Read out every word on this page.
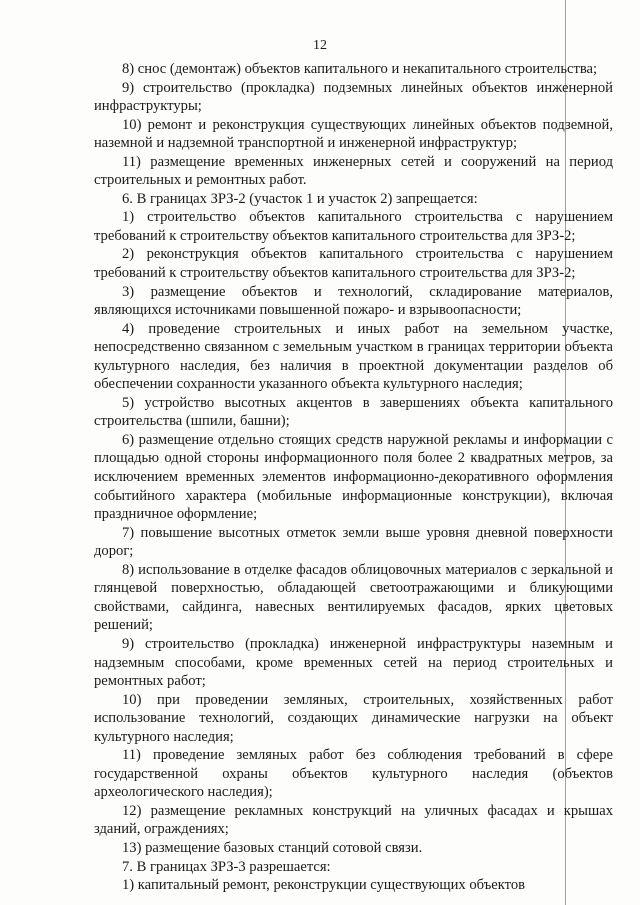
12

8) снос (демонтаж) объектов капитального и некапитального строительства;

9) строительство (прокладка) подземных линейных объектов инженерной инфраструктуры;

10) ремонт и реконструкция существующих линейных объектов подземной, наземной и надземной транспортной и инженерной инфраструктур;

11) размещение временных инженерных сетей и сооружений на период строительных и ремонтных работ.

6. В границах ЗРЗ-2 (участок 1 и участок 2) запрещается:

1) строительство объектов капитального строительства с нарушением требований к строительству объектов капитального строительства для ЗРЗ-2;

2) реконструкция объектов капитального строительства с нарушением требований к строительству объектов капитального строительства для ЗРЗ-2;

3) размещение объектов и технологий, складирование материалов, являющихся источниками повышенной пожаро- и взрывоопасности;

4) проведение строительных и иных работ на земельном участке, непосредственно связанном с земельным участком в границах территории объекта культурного наследия, без наличия в проектной документации разделов об обеспечении сохранности указанного объекта культурного наследия;

5) устройство высотных акцентов в завершениях объекта капитального строительства (шпили, башни);

6) размещение отдельно стоящих средств наружной рекламы и информации с площадью одной стороны информационного поля более 2 квадратных метров, за исключением временных элементов информационно-декоративного оформления событийного характера (мобильные информационные конструкции), включая праздничное оформление;

7) повышение высотных отметок земли выше уровня дневной поверхности дорог;

8) использование в отделке фасадов облицовочных материалов с зеркальной и глянцевой поверхностью, обладающей светоотражающими и бликующими свойствами, сайдинга, навесных вентилируемых фасадов, ярких цветовых решений;

9) строительство (прокладка) инженерной инфраструктуры наземным и надземным способами, кроме временных сетей на период строительных и ремонтных работ;

10) при проведении земляных, строительных, хозяйственных работ использование технологий, создающих динамические нагрузки на объект культурного наследия;

11) проведение земляных работ без соблюдения требований в сфере государственной охраны объектов культурного наследия (объектов археологического наследия);

12) размещение рекламных конструкций на уличных фасадах и крышах зданий, ограждениях;

13) размещение базовых станций сотовой связи.

7. В границах ЗРЗ-3 разрешается:

1) капитальный ремонт, реконструкции существующих объектов
